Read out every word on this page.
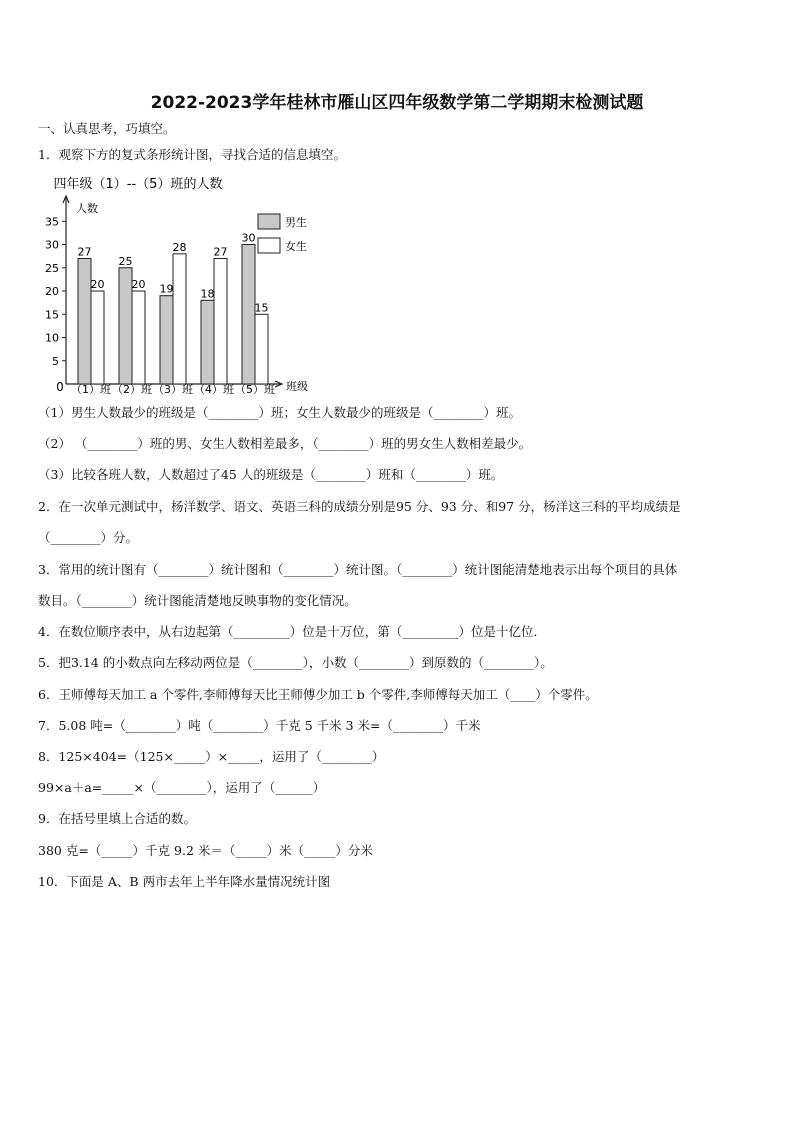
2022-2023学年桂林市雁山区四年级数学第二学期期末检测试题
一、认真思考，巧填空。
1．观察下方的复式条形统计图，寻找合适的信息填空。
四年级（1）--（5）班的人数
人数
0	班级
男生
女生
5
10
15
20
25
30
35
27
20
（1）班
25
20
（2）班
19
28
（3）班
18
27
（4）班
30
15
（5）班
（1）男生人数最少的班级是（________）班；女生人数最少的班级是（________）班。
（2） （________）班的男、女生人数相差最多，（________）班的男女生人数相差最少。
（3）比较各班人数，人数超过了45 人的班级是（________）班和（________）班。
2．在一次单元测试中，杨洋数学、语文、英语三科的成绩分别是95 分、93 分、和97 分，杨洋这三科的平均成绩是
（________）分。
3．常用的统计图有（________）统计图和（________）统计图。（________）统计图能清楚地表示出每个项目的具体
数目。（________）统计图能清楚地反映事物的变化情况。
4．在数位顺序表中，从右边起第（_________）位是十万位，第（_________）位是十亿位．
5．把3.14 的小数点向左移动两位是（________），小数（________）到原数的（________）。
6．王师傅每天加工 a 个零件,李师傅每天比王师傅少加工 b 个零件,李师傅每天加工（____）个零件。
7．5.08 吨=（________）吨（________）千克 5 千米 3 米=（________）千米
8．125×404=（125×_____）×_____，运用了（________）
99×a＋a=_____×（________），运用了（______）
9．在括号里填上合适的数。
380 克=（_____）千克 9.2 米＝（_____）米（_____）分米
10．下面是 A、B 两市去年上半年降水量情况统计图
